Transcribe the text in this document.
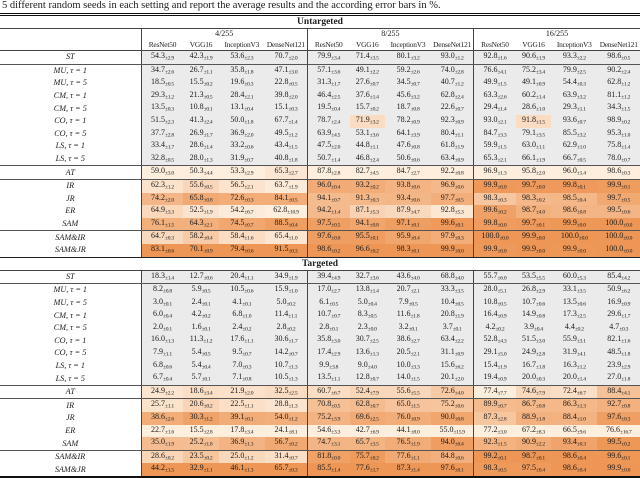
5 different random seeds in each setting and report the average results and the according error bars in %.
Untargeted												
	4/255				8/255				16/255			
	ResNet50	VGG16	InceptionV3	DenseNet121	ResNet50	VGG16	InceptionV3	DenseNet121	ResNet50	VGG16	InceptionV3	DenseNet121
ST	$54.3_{\pm 2.9}$	$42.3_{\pm 1.9}$	$53.6_{\pm 2.3}$	$70.7_{\pm 2.0}$	$79.9_{\pm 3.4}$	$71.4_{\pm 3.5}$	$80.1_{\pm 3.2}$	$93.0_{\pm 1.2}$	$92.8_{\pm 1.6}$	$90.6_{\pm 1.9}$	$93.3_{\pm 2.2}$	$98.6_{\pm 0.5}$
MU, τ = 1	$34.7_{\pm 2.6}$	$26.7_{\pm 1.1}$	$35.8_{\pm 1.8}$	$47.1_{\pm 3.0}$	$57.1_{\pm 3.6}$	$49.1_{\pm 2.2}$	$59.2_{\pm 2.6}$	$74.0_{\pm 2.8}$	$76.6_{\pm 4.1}$	$75.2_{\pm 3.4}$	$79.9_{\pm 2.5}$	$90.2_{\pm 2.4}$
MU, τ = 5	$18.5_{\pm 0.5}$	$15.5_{\pm 0.2}$	$19.6_{\pm 0.3}$	$22.8_{\pm 0.5}$	$31.3_{\pm 1.7}$	$27.6_{\pm 0.7}$	$34.5_{\pm 0.7}$	$40.7_{\pm 1.2}$	$49.9_{\pm 1.5}$	$49.1_{\pm 0.9}$	$54.4_{\pm 0.3}$	$62.8_{\pm 1.2}$
CM, τ = 1	$29.3_{\pm 1.2}$	$21.3_{\pm 0.5}$	$28.4_{\pm 2.1}$	$39.8_{\pm 2.0}$	$46.4_{\pm 2.5}$	$37.6_{\pm 1.4}$	$45.6_{\pm 3.2}$	$62.8_{\pm 2.4}$	$63.3_{\pm 2.6}$	$60.2_{\pm 1.4}$	$63.9_{\pm 3.2}$	$81.1_{\pm 1.2}$
CM, τ = 5	$13.5_{\pm 0.3}$	$10.8_{\pm 0.1}$	$13.1_{\pm 0.4}$	$15.1_{\pm 0.3}$	$19.5_{\pm 0.4}$	$15.7_{\pm 0.2}$	$18.7_{\pm 0.8}$	$22.6_{\pm 0.7}$	$29.4_{\pm 1.4}$	$28.6_{\pm 1.0}$	$29.3_{\pm 1.1}$	$34.3_{\pm 1.5}$
CO, τ = 1	$51.5_{\pm 2.3}$	$41.3_{\pm 2.4}$	$50.0_{\pm 1.8}$	$67.7_{\pm 1.4}$	$78.7_{\pm 2.4}$	$71.9_{\pm 3.2}$	$78.2_{\pm 0.9}$	$92.3_{\pm 0.9}$	$93.0_{\pm 2.1}$	$91.8_{\pm 1.5}$	$93.6_{\pm 0.7}$	$98.9_{\pm 0.2}$
CO, τ = 5	$37.7_{\pm 2.8}$	$26.9_{\pm 1.7}$	$36.9_{\pm 2.0}$	$49.5_{\pm 1.2}$	$63.9_{\pm 4.5}$	$53.1_{\pm 3.6}$	$64.1_{\pm 3.9}$	$80.4_{\pm 1.1}$	$84.7_{\pm 3.3}$	$79.1_{\pm 3.5}$	$85.5_{\pm 3.2}$	$95.3_{\pm 1.0}$
LS, τ = 1	$33.4_{\pm 1.7}$	$28.6_{\pm 1.4}$	$33.2_{\pm 0.6}$	$43.4_{\pm 1.5}$	$47.5_{\pm 2.0}$	$44.8_{\pm 1.1}$	$47.6_{\pm 0.8}$	$61.8_{\pm 1.9}$	$59.9_{\pm 1.5}$	$63.0_{\pm 1.1}$	$62.9_{\pm 1.0}$	$75.8_{\pm 1.4}$
LS, τ = 5	$32.8_{\pm 0.5}$	$28.0_{\pm 1.3}$	$31.9_{\pm 0.7}$	$40.8_{\pm 1.8}$	$50.7_{\pm 1.4}$	$46.8_{\pm 2.4}$	$50.6_{\pm 0.6}$	$63.4_{\pm 0.9}$	$65.3_{\pm 2.1}$	$66.1_{\pm 1.9}$	$66.7_{\pm 0.5}$	$78.0_{\pm 0.7}$
AT	$59.0_{\pm 3.0}$	$50.3_{\pm 4.4}$	$53.3_{\pm 2.9}$	$65.3_{\pm 2.7}$	$87.8_{\pm 2.8}$	$82.7_{\pm 4.5}$	$84.7_{\pm 2.7}$	$92.2_{\pm 0.8}$	$96.9_{\pm 1.3}$	$95.8_{\pm 2.0}$	$96.0_{\pm 1.4}$	$98.6_{\pm 0.3}$
IR	$62.3_{\pm 1.2}$	$55.6_{\pm 0.5}$	$56.5_{\pm 2.1}$	$63.7_{\pm 1.9}$	$96.0_{\pm 0.4}$	$93.2_{\pm 0.2}$	$93.8_{\pm 0.6}$	$96.9_{\pm 0.6}$	$99.9_{\pm 0.0}$	$99.7_{\pm 0.0}$	$99.8_{\pm 0.1}$	$99.9_{\pm 0.1}$
JR	$74.2_{\pm 2.0}$	$65.8_{\pm 0.8}$	$72.6_{\pm 0.3}$	$84.1_{\pm 0.5}$	$94.1_{\pm 0.7}$	$91.3_{\pm 0.3}$	$93.4_{\pm 0.6}$	$97.7_{\pm 0.5}$	$98.3_{\pm 0.3}$	$98.3_{\pm 0.2}$	$98.5_{\pm 0.4}$	$99.7_{\pm 0.5}$
ER	$64.9_{\pm 3.3}$	$52.5_{\pm 1.9}$	$54.2_{\pm 6.7}$	$62.8_{\pm 10.9}$	$94.2_{\pm 1.4}$	$87.1_{\pm 5.3}$	$87.9_{\pm 4.7}$	$92.8_{\pm 5.3}$	$99.6_{\pm 0.2}$	$98.7_{\pm 4.0}$	$98.6_{\pm 0.8}$	$99.5_{\pm 0.6}$
SAM	$76.1_{\pm 1.5}$	$64.3_{\pm 2.1}$	$74.5_{\pm 0.7}$	$88.5_{\pm 0.4}$	$97.5_{\pm 0.5}$	$94.1_{\pm 0.8}$	$97.1_{\pm 0.1}$	$99.6_{\pm 0.1}$	$99.8_{\pm 0.0}$	$99.7_{\pm 0.1}$	$99.9_{\pm 0.0}$	$100.0_{\pm 0.0}$
SAM&IR	$64.7_{\pm 0.3}$	$58.2_{\pm 0.4}$	$58.4_{\pm 1.6}$	$65.4_{\pm 1.0}$	$97.6_{\pm 0.0}$	$95.5_{\pm 0.1}$	$95.9_{\pm 0.4}$	$97.9_{\pm 0.3}$	$100.0_{\pm 0.0}$	$99.9_{\pm 0.0}$	$100.0_{\pm 0.0}$	$100.0_{\pm 0.0}$
SAM&JR	$83.1_{\pm 0.6}$	$70.1_{\pm 0.9}$	$79.4_{\pm 0.6}$	$91.5_{\pm 0.3}$	$98.6_{\pm 0.2}$	$96.6_{\pm 0.2}$	$98.3_{\pm 0.1}$	$99.9_{\pm 0.0}$	$99.9_{\pm 0.0}$	$99.9_{\pm 0.0}$	$99.9_{\pm 0.0}$	$100.0_{\pm 0.0}$
Targeted												
ST	$18.3_{\pm 1.4}$	$12.7_{\pm 0.6}$	$20.4_{\pm 1.1}$	$34.9_{\pm 1.9}$	$39.4_{\pm 4.9}$	$32.7_{\pm 3.6}$	$43.6_{\pm 4.0}$	$68.8_{\pm 4.0}$	$55.7_{\pm 6.0}$	$53.5_{\pm 5.5}$	$60.0_{\pm 5.3}$	$85.4_{\pm 4.2}$
MU, τ = 1	$8.2_{\pm 0.8}$	$5.9_{\pm 0.5}$	$10.5_{\pm 0.6}$	$15.9_{\pm 1.0}$	$17.0_{\pm 2.7}$	$13.8_{\pm 1.4}$	$20.7_{\pm 2.1}$	$33.3_{\pm 3.5}$	$28.0_{\pm 5.1}$	$26.8_{\pm 2.9}$	$33.1_{\pm 3.5}$	$50.9_{\pm 6.2}$
MU, τ = 5	$3.0_{\pm 0.1}$	$2.4_{\pm 0.1}$	$4.1_{\pm 0.1}$	$5.0_{\pm 0.2}$	$6.1_{\pm 0.5}$	$5.0_{\pm 0.4}$	$7.9_{\pm 0.5}$	$10.4_{\pm 0.5}$	$10.8_{\pm 0.5}$	$10.7_{\pm 0.6}$	$13.5_{\pm 0.6}$	$16.9_{\pm 0.9}$
CM, τ = 1	$6.0_{\pm 0.4}$	$4.2_{\pm 0.2}$	$6.8_{\pm 1.0}$	$11.4_{\pm 1.1}$	$10.7_{\pm 0.7}$	$8.3_{\pm 0.5}$	$11.6_{\pm 1.8}$	$20.8_{\pm 1.9}$	$16.4_{\pm 0.9}$	$14.9_{\pm 0.8}$	$17.3_{\pm 2.5}$	$29.6_{\pm 1.7}$
CM, τ = 5	$2.0_{\pm 0.1}$	$1.6_{\pm 0.1}$	$2.4_{\pm 0.2}$	$2.8_{\pm 0.2}$	$2.8_{\pm 0.1}$	$2.3_{\pm 0.0}$	$3.2_{\pm 0.1}$	$3.7_{\pm 0.1}$	$4.2_{\pm 0.2}$	$3.9_{\pm 0.4}$	$4.4_{\pm 0.2}$	$4.7_{\pm 0.3}$
CO, τ = 1	$16.0_{\pm 1.3}$	$11.3_{\pm 1.2}$	$17.6_{\pm 1.1}$	$30.6_{\pm 1.7}$	$35.8_{\pm 3.0}$	$30.7_{\pm 2.5}$	$38.6_{\pm 2.7}$	$63.4_{\pm 2.2}$	$52.8_{\pm 4.3}$	$51.5_{\pm 3.0}$	$55.9_{\pm 3.1}$	$82.1_{\pm 1.6}$
CO, τ = 5	$7.9_{\pm 1.1}$	$5.4_{\pm 0.5}$	$9.5_{\pm 0.7}$	$14.2_{\pm 0.7}$	$17.4_{\pm 2.9}$	$13.6_{\pm 1.3}$	$20.5_{\pm 2.1}$	$31.1_{\pm 0.9}$	$29.1_{\pm 5.0}$	$24.9_{\pm 2.8}$	$31.9_{\pm 4.1}$	$48.5_{\pm 1.8}$
LS, τ = 1	$6.8_{\pm 0.6}$	$5.4_{\pm 0.4}$	$7.0_{\pm 0.3}$	$10.7_{\pm 1.3}$	$9.9_{\pm 3.8}$	$9.0_{\pm 4.0}$	$10.0_{\pm 3.3}$	$15.6_{\pm 6.2}$	$15.4_{\pm 1.9}$	$16.7_{\pm 1.8}$	$16.3_{\pm 1.2}$	$23.9_{\pm 2.9}$
LS, τ = 5	$6.7_{\pm 0.4}$	$5.7_{\pm 0.1}$	$7.1_{\pm 0.8}$	$10.5_{\pm 1.3}$	$13.5_{\pm 1.1}$	$12.8_{\pm 0.7}$	$14.0_{\pm 1.5}$	$20.1_{\pm 2.0}$	$19.4_{\pm 0.9}$	$20.0_{\pm 0.3}$	$20.0_{\pm 1.4}$	$27.0_{\pm 1.8}$
AT	$24.9_{\pm 2.2}$	$18.6_{\pm 3.4}$	$21.9_{\pm 2.0}$	$32.5_{\pm 2.5}$	$60.7_{\pm 6.7}$	$52.4_{\pm 7.9}$	$55.6_{\pm 5.5}$	$72.6_{\pm 4.0}$	$77.4_{\pm 7.7}$	$74.6_{\pm 7.9}$	$72.4_{\pm 6.7}$	$88.4_{\pm 4.1}$
IR	$25.7_{\pm 1.1}$	$20.6_{\pm 0.2}$	$22.5_{\pm 1.1}$	$28.8_{\pm 1.3}$	$70.8_{\pm 0.5}$	$62.8_{\pm 0.7}$	$65.0_{\pm 1.5}$	$75.2_{\pm 0.6}$	$89.9_{\pm 0.7}$	$86.7_{\pm 0.8}$	$86.3_{\pm 1.3}$	$92.7_{\pm 0.8}$
JR	$38.6_{\pm 2.6}$	$30.3_{\pm 1.2}$	$39.1_{\pm 0.1}$	$54.0_{\pm 1.2}$	$75.2_{\pm 3.9}$	$69.6_{\pm 2.5}$	$76.0_{\pm 0.9}$	$90.0_{\pm 0.8}$	$87.3_{\pm 2.8}$	$88.9_{\pm 1.8}$	$88.4_{\pm 1.0}$	$97.6_{\pm 0.3}$
ER	$22.7_{\pm 1.6}$	$15.5_{\pm 2.8}$	$17.8_{\pm 3.4}$	$24.1_{\pm 8.1}$	$54.6_{\pm 3.3}$	$42.7_{\pm 6.9}$	$44.1_{\pm 8.0}$	$55.0_{\pm 15.9}$	$77.2_{\pm 3.0}$	$67.2_{\pm 8.3}$	$66.5_{\pm 9.6}$	$76.6_{\pm 16.7}$
SAM	$35.0_{\pm 1.9}$	$25.2_{\pm 1.8}$	$36.9_{\pm 1.3}$	$56.7_{\pm 0.2}$	$74.7_{\pm 3.1}$	$65.7_{\pm 3.5}$	$76.5_{\pm 1.9}$	$94.0_{\pm 0.4}$	$92.3_{\pm 1.5}$	$90.9_{\pm 2.2}$	$93.4_{\pm 0.3}$	$99.5_{\pm 0.2}$
SAM&IR	$28.6_{\pm 0.2}$	$23.5_{\pm 0.2}$	$25.0_{\pm 1.2}$	$31.4_{\pm 0.7}$	$81.8_{\pm 0.0}$	$75.7_{\pm 0.2}$	$77.6_{\pm 1.1}$	$84.8_{\pm 0.6}$	$99.2_{\pm 0.1}$	$98.7_{\pm 0.1}$	$98.6_{\pm 0.4}$	$99.6_{\pm 0.1}$
SAM&JR	$44.2_{\pm 1.5}$	$32.9_{\pm 1.1}$	$46.1_{\pm 1.3}$	$65.7_{\pm 0.3}$	$85.5_{\pm 1.4}$	$77.6_{\pm 1.7}$	$87.3_{\pm 1.4}$	$97.6_{\pm 0.1}$	$98.3_{\pm 0.5}$	$97.5_{\pm 0.4}$	$98.6_{\pm 0.4}$	$99.9_{\pm 0.0}$
